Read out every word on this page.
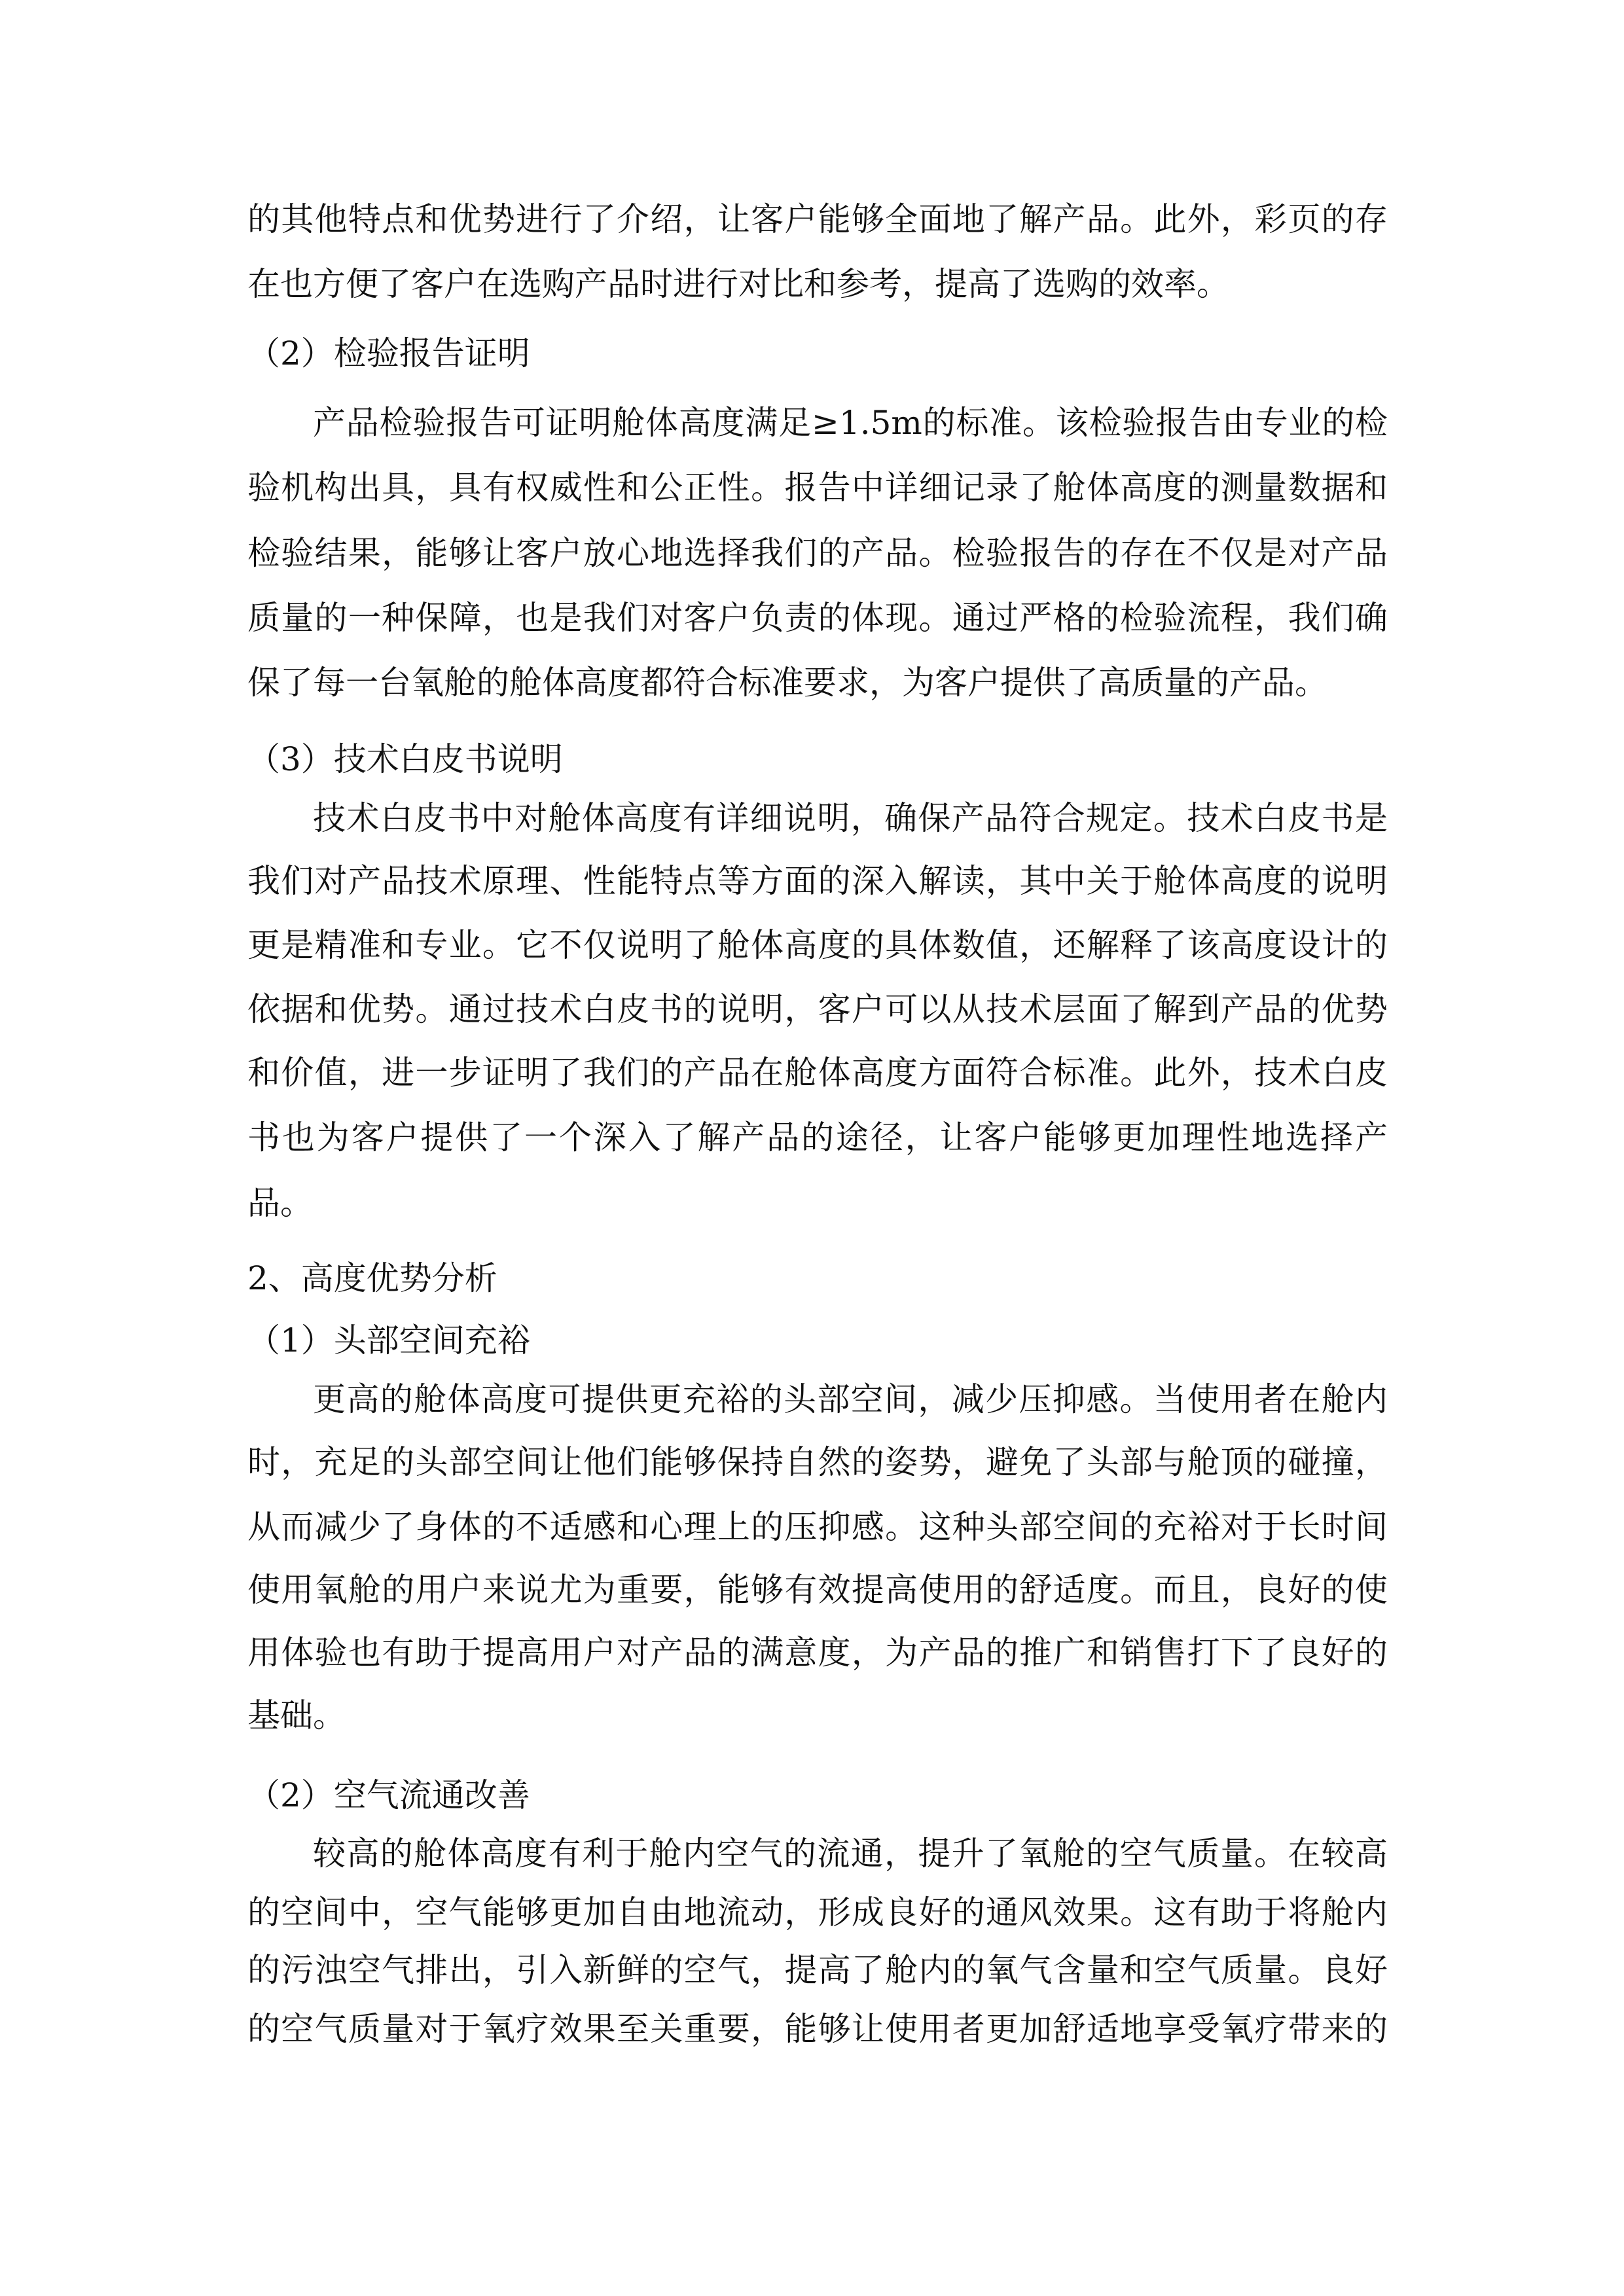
的其他特点和优势进行了介绍，让客户能够全面地了解产品。此外，彩页的存
在也方便了客户在选购产品时进行对比和参考，提高了选购的效率。
（2）检验报告证明
产品检验报告可证明舱体高度满足≥1.5m的标准。该检验报告由专业的检
验机构出具，具有权威性和公正性。报告中详细记录了舱体高度的测量数据和
检验结果，能够让客户放心地选择我们的产品。检验报告的存在不仅是对产品
质量的一种保障，也是我们对客户负责的体现。通过严格的检验流程，我们确
保了每一台氧舱的舱体高度都符合标准要求，为客户提供了高质量的产品。
（3）技术白皮书说明
技术白皮书中对舱体高度有详细说明，确保产品符合规定。技术白皮书是
我们对产品技术原理、性能特点等方面的深入解读，其中关于舱体高度的说明
更是精准和专业。它不仅说明了舱体高度的具体数值，还解释了该高度设计的
依据和优势。通过技术白皮书的说明，客户可以从技术层面了解到产品的优势
和价值，进一步证明了我们的产品在舱体高度方面符合标准。此外，技术白皮
书也为客户提供了一个深入了解产品的途径，让客户能够更加理性地选择产
品。
2、高度优势分析
（1）头部空间充裕
更高的舱体高度可提供更充裕的头部空间，减少压抑感。当使用者在舱内
时，充足的头部空间让他们能够保持自然的姿势，避免了头部与舱顶的碰撞，
从而减少了身体的不适感和心理上的压抑感。这种头部空间的充裕对于长时间
使用氧舱的用户来说尤为重要，能够有效提高使用的舒适度。而且，良好的使
用体验也有助于提高用户对产品的满意度，为产品的推广和销售打下了良好的
基础。
（2）空气流通改善
较高的舱体高度有利于舱内空气的流通，提升了氧舱的空气质量。在较高
的空间中，空气能够更加自由地流动，形成良好的通风效果。这有助于将舱内
的污浊空气排出，引入新鲜的空气，提高了舱内的氧气含量和空气质量。良好
的空气质量对于氧疗效果至关重要，能够让使用者更加舒适地享受氧疗带来的
